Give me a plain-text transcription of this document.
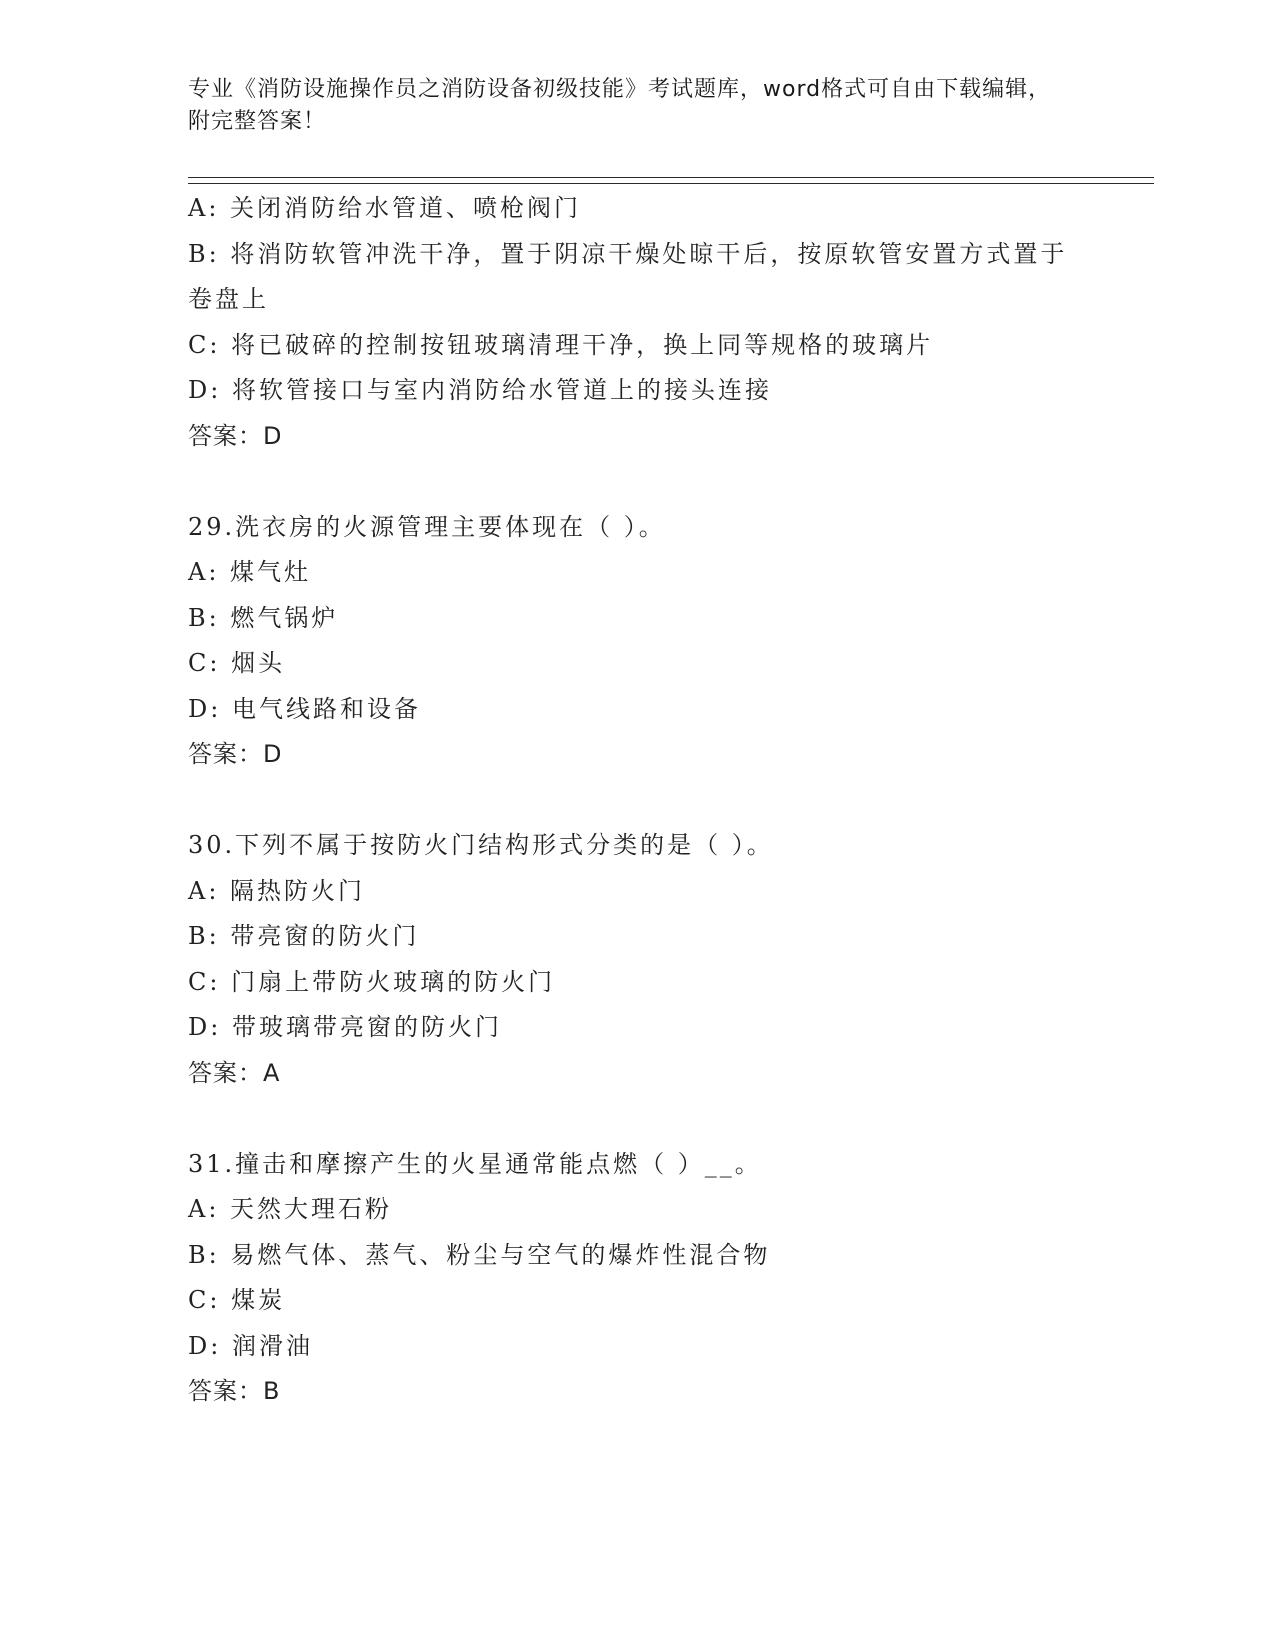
专业《消防设施操作员之消防设备初级技能》考试题库，word格式可自由下载编辑，附完整答案！
A: 关闭消防给水管道、喷枪阀门
B: 将消防软管冲洗干净，置于阴凉干燥处晾干后，按原软管安置方式置于卷盘上
C: 将已破碎的控制按钮玻璃清理干净，换上同等规格的玻璃片
D: 将软管接口与室内消防给水管道上的接头连接
答案：D
29.洗衣房的火源管理主要体现在（ ）。
A: 煤气灶
B: 燃气锅炉
C: 烟头
D: 电气线路和设备
答案：D
30.下列不属于按防火门结构形式分类的是（ ）。
A: 隔热防火门
B: 带亮窗的防火门
C: 门扇上带防火玻璃的防火门
D: 带玻璃带亮窗的防火门
答案：A
31.撞击和摩擦产生的火星通常能点燃（ ）__。
A: 天然大理石粉
B: 易燃气体、蒸气、粉尘与空气的爆炸性混合物
C: 煤炭
D: 润滑油
答案：B
